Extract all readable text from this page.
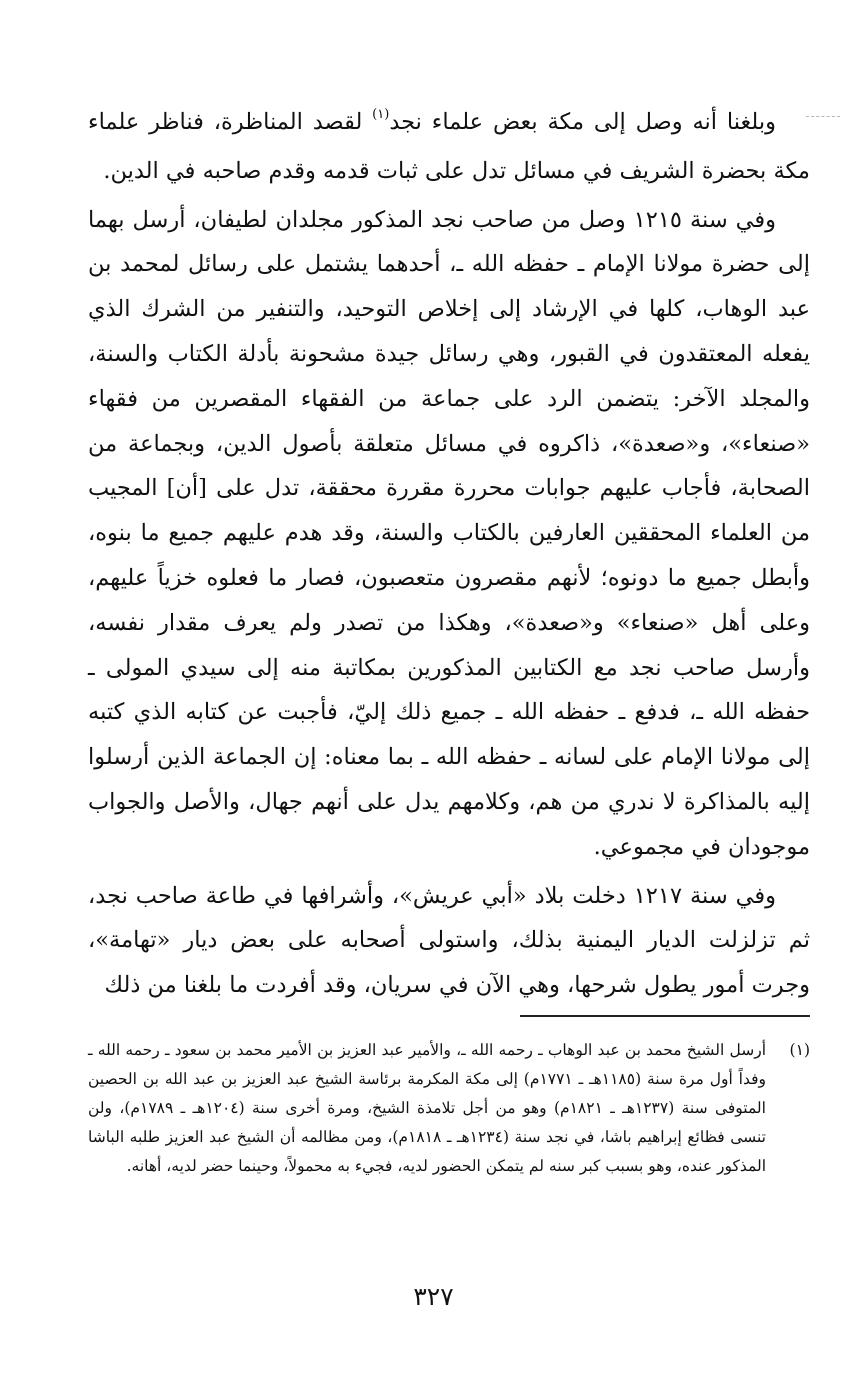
وبلغنا أنه وصل إلى مكة بعض علماء نجد$^{(١)}$ لقصد المناظرة، فناظر علماء مكة بحضرة الشريف في مسائل تدل على ثبات قدمه وقدم صاحبه في الدين.

وفي سنة ١٢١٥ وصل من صاحب نجد المذكور مجلدان لطيفان، أرسل بهما إلى حضرة مولانا الإمام ـ حفظه الله ـ، أحدهما يشتمل على رسائل لمحمد بن عبد الوهاب، كلها في الإرشاد إلى إخلاص التوحيد، والتنفير من الشرك الذي يفعله المعتقدون في القبور، وهي رسائل جيدة مشحونة بأدلة الكتاب والسنة، والمجلد الآخر: يتضمن الرد على جماعة من الفقهاء المقصرين من فقهاء «صنعاء»، و«صعدة»، ذاكروه في مسائل متعلقة بأصول الدين، وبجماعة من الصحابة، فأجاب عليهم جوابات محررة مقررة محققة، تدل على [أن] المجيب من العلماء المحققين العارفين بالكتاب والسنة، وقد هدم عليهم جميع ما بنوه، وأبطل جميع ما دونوه؛ لأنهم مقصرون متعصبون، فصار ما فعلوه خزياً عليهم، وعلى أهل «صنعاء» و«صعدة»، وهكذا من تصدر ولم يعرف مقدار نفسه، وأرسل صاحب نجد مع الكتابين المذكورين بمكاتبة منه إلى سيدي المولى ـ حفظه الله ـ، فدفع ـ حفظه الله ـ جميع ذلك إليّ، فأجبت عن كتابه الذي كتبه إلى مولانا الإمام على لسانه ـ حفظه الله ـ بما معناه: إن الجماعة الذين أرسلوا إليه بالمذاكرة لا ندري من هم، وكلامهم يدل على أنهم جهال، والأصل والجواب موجودان في مجموعي.

وفي سنة ١٢١٧ دخلت بلاد «أبي عريش»، وأشرافها في طاعة صاحب نجد، ثم تزلزلت الديار اليمنية بذلك، واستولى أصحابه على بعض ديار «تهامة»، وجرت أمور يطول شرحها، وهي الآن في سريان، وقد أفردت ما بلغنا من ذلك

(١)
أرسل الشيخ محمد بن عبد الوهاب ـ رحمه الله ـ، والأمير عبد العزيز بن الأمير محمد بن سعود ـ رحمه الله ـ وفداً أول مرة سنة (١١٨٥هـ ـ ١٧٧١م) إلى مكة المكرمة برئاسة الشيخ عبد العزيز بن عبد الله بن الحصين المتوفى سنة (١٢٣٧هـ ـ ١٨٢١م) وهو من أجل تلامذة الشيخ، ومرة أخرى سنة (١٢٠٤هـ ـ ١٧٨٩م)، ولن تنسى فظائع إبراهيم باشا، في نجد سنة (١٢٣٤هـ ـ ١٨١٨م)، ومن مظالمه أن الشيخ عبد العزيز طلبه الباشا المذكور عنده، وهو بسبب كبر سنه لم يتمكن الحضور لديه، فجيء به محمولاً، وحينما حضر لديه، أهانه.
٣٢٧
